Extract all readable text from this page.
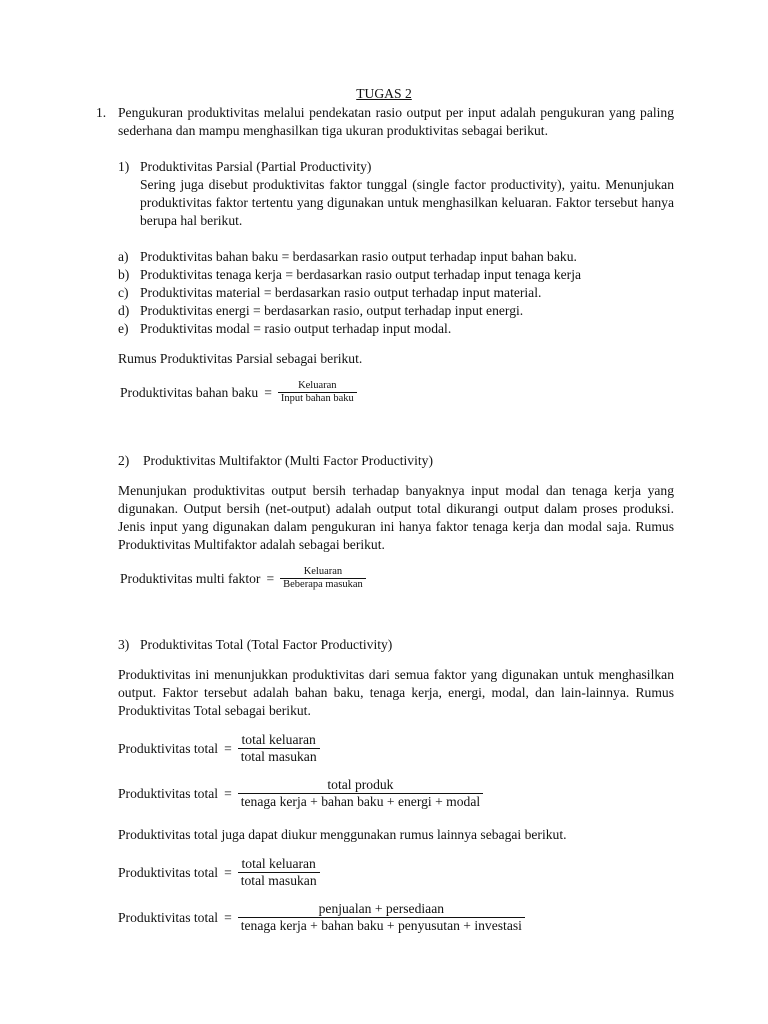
TUGAS 2
1. Pengukuran produktivitas melalui pendekatan rasio output per input adalah pengukuran yang paling sederhana dan mampu menghasilkan tiga ukuran produktivitas sebagai berikut.
1) Produktivitas Parsial (Partial Productivity)
Sering juga disebut produktivitas faktor tunggal (single factor productivity), yaitu. Menunjukan produktivitas faktor tertentu yang digunakan untuk menghasilkan keluaran. Faktor tersebut hanya berupa hal berikut.
a) Produktivitas bahan baku = berdasarkan rasio output terhadap input bahan baku.
b) Produktivitas tenaga kerja = berdasarkan rasio output terhadap input tenaga kerja
c) Produktivitas material = berdasarkan rasio output terhadap input material.
d) Produktivitas energi = berdasarkan rasio, output terhadap input energi.
e) Produktivitas modal = rasio output terhadap input modal.
Rumus Produktivitas Parsial sebagai berikut.
Produktivitas bahan baku = $\frac{\text{Keluaran}}{\text{Input bahan baku}}$
2) Produktivitas Multifaktor (Multi Factor Productivity)
Menunjukan produktivitas output bersih terhadap banyaknya input modal dan tenaga kerja yang digunakan. Output bersih (net-output) adalah output total dikurangi output dalam proses produksi. Jenis input yang digunakan dalam pengukuran ini hanya faktor tenaga kerja dan modal saja. Rumus Produktivitas Multifaktor adalah sebagai berikut.
Produktivitas multi faktor = $\frac{\text{Keluaran}}{\text{Beberapa masukan}}$
3) Produktivitas Total (Total Factor Productivity)
Produktivitas ini menunjukkan produktivitas dari semua faktor yang digunakan untuk menghasilkan output. Faktor tersebut adalah bahan baku, tenaga kerja, energi, modal, dan lain-lainnya. Rumus Produktivitas Total sebagai berikut.
Produktivitas total = $\frac{\text{total keluaran}}{\text{total masukan}}$
Produktivitas total = $\frac{\text{total produk}}{\text{tenaga kerja + bahan baku + energi + modal}}$
Produktivitas total juga dapat diukur menggunakan rumus lainnya sebagai berikut.
Produktivitas total = $\frac{\text{total keluaran}}{\text{total masukan}}$
Produktivitas total = $\frac{\text{penjualan + persediaan}}{\text{tenaga kerja + bahan baku + penyusutan + investasi}}$
